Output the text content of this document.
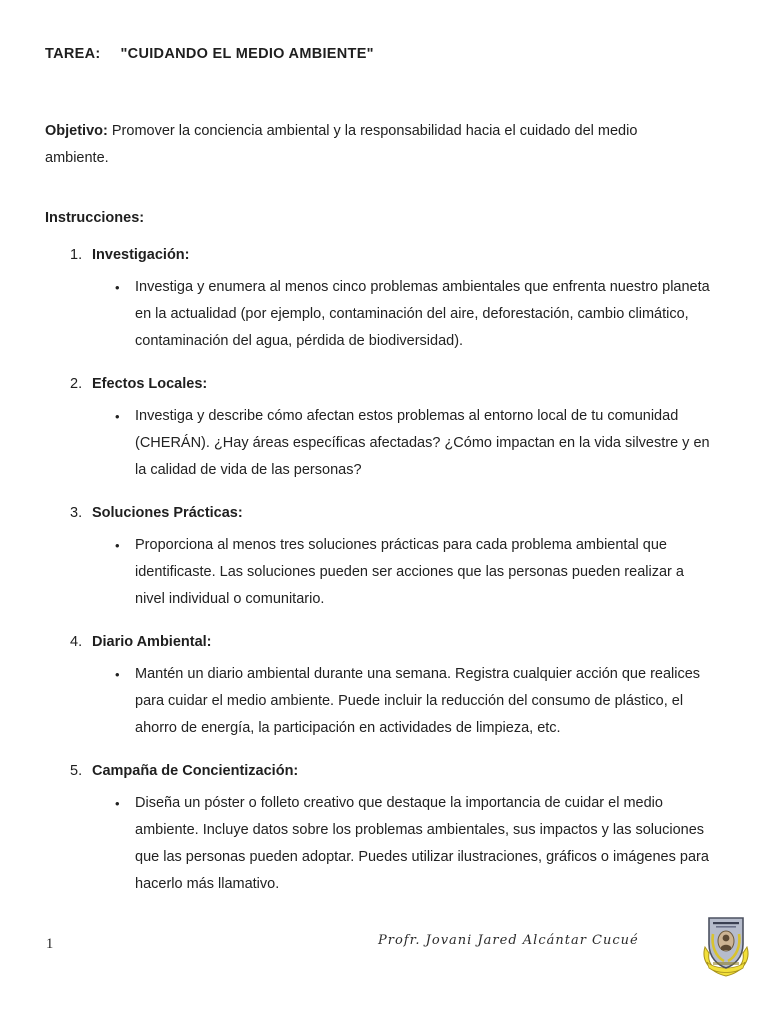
TAREA: "CUIDANDO EL MEDIO AMBIENTE"
Objetivo: Promover la conciencia ambiental y la responsabilidad hacia el cuidado del medio ambiente.
Instrucciones:
1. Investigación:
• Investiga y enumera al menos cinco problemas ambientales que enfrenta nuestro planeta en la actualidad (por ejemplo, contaminación del aire, deforestación, cambio climático, contaminación del agua, pérdida de biodiversidad).
2. Efectos Locales:
• Investiga y describe cómo afectan estos problemas al entorno local de tu comunidad (CHERÁN). ¿Hay áreas específicas afectadas? ¿Cómo impactan en la vida silvestre y en la calidad de vida de las personas?
3. Soluciones Prácticas:
• Proporciona al menos tres soluciones prácticas para cada problema ambiental que identificaste. Las soluciones pueden ser acciones que las personas pueden realizar a nivel individual o comunitario.
4. Diario Ambiental:
• Mantén un diario ambiental durante una semana. Registra cualquier acción que realices para cuidar el medio ambiente. Puede incluir la reducción del consumo de plástico, el ahorro de energía, la participación en actividades de limpieza, etc.
5. Campaña de Concientización:
• Diseña un póster o folleto creativo que destaque la importancia de cuidar el medio ambiente. Incluye datos sobre los problemas ambientales, sus impactos y las soluciones que las personas pueden adoptar. Puedes utilizar ilustraciones, gráficos o imágenes para hacerlo más llamativo.
1	Profr. Jovani Jared Alcántar Cucué
